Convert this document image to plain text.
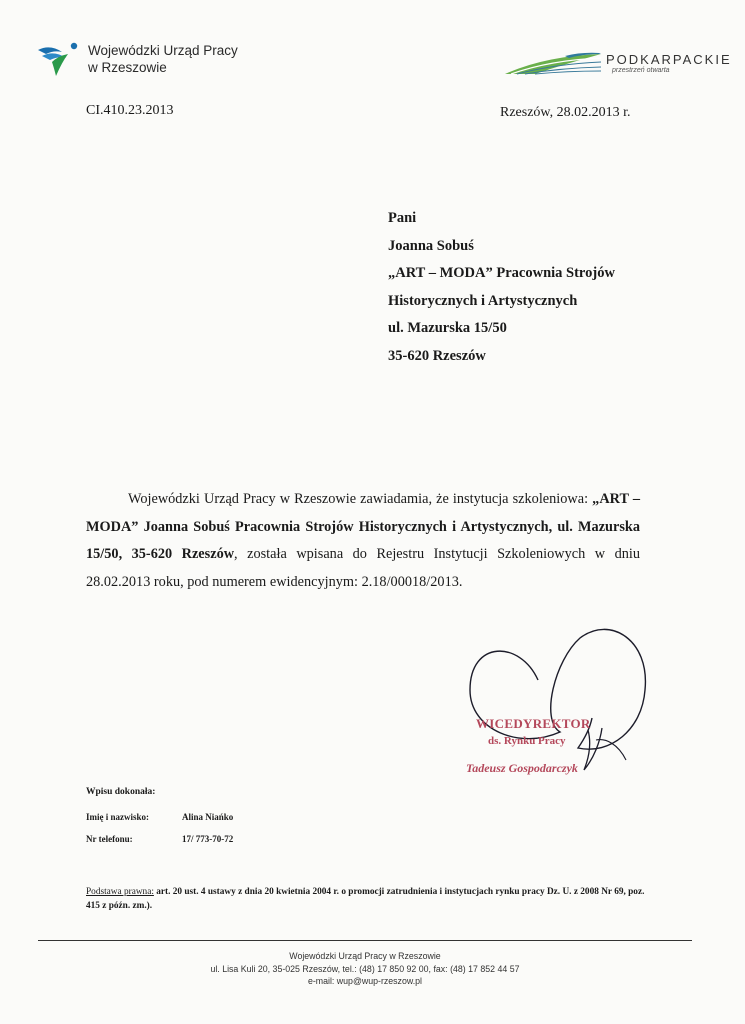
Wojewódzki Urząd Pracy
w Rzeszowie
PODKARPACKIE
przestrzeń otwarta
CI.410.23.2013	Rzeszów, 28.02.2013 r.
Pani
Joanna Sobuś
„ART – MODA” Pracownia Strojów
Historycznych i Artystycznych
ul. Mazurska 15/50
35-620 Rzeszów

Wojewódzki Urząd Pracy w Rzeszowie zawiadamia, że instytucja szkoleniowa: „ART – MODA” Joanna Sobuś Pracownia Strojów Historycznych i Artystycznych, ul. Mazurska 15/50, 35-620 Rzeszów, została wpisana do Rejestru Instytucji Szkoleniowych w dniu 28.02.2013 roku, pod numerem ewidencyjnym: 2.18/00018/2013.

WICEDYREKTOR
ds. Rynku Pracy
Tadeusz Gospodarczyk
Wpisu dokonała:
Imię i nazwisko:	Alina Niańko
Nr telefonu:	17/ 773-70-72
Podstawa prawna: art. 20 ust. 4 ustawy z dnia 20 kwietnia 2004 r. o promocji zatrudnienia i instytucjach rynku pracy Dz. U. z 2008 Nr 69, poz. 415 z późn. zm.).
Wojewódzki Urząd Pracy w Rzeszowie
ul. Lisa Kuli 20, 35-025 Rzeszów, tel.: (48) 17 850 92 00, fax: (48) 17 852 44 57
e-mail: wup@wup-rzeszow.pl
